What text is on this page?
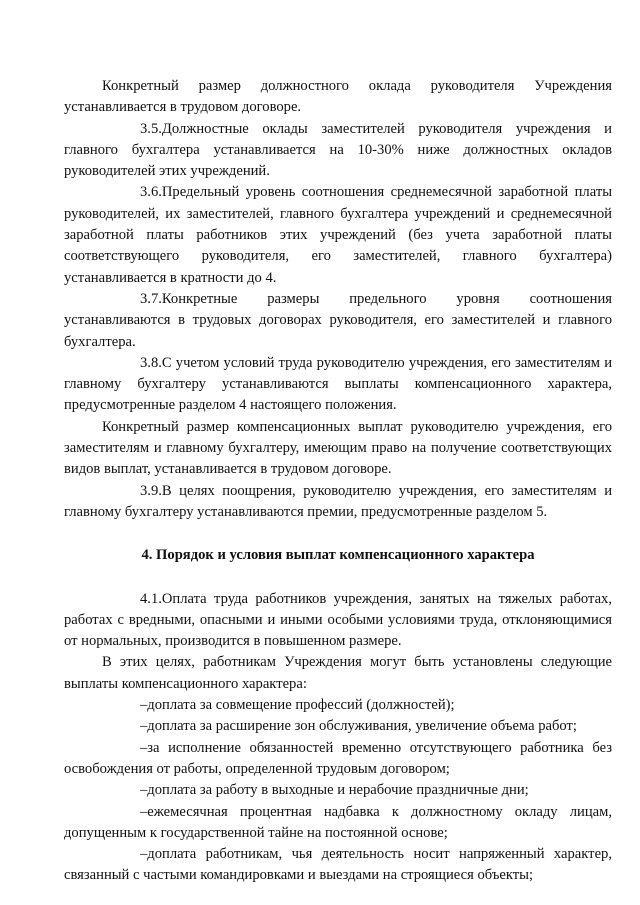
Конкретный размер должностного оклада руководителя Учреждения устанавливается в трудовом договоре.

3.5.Должностные оклады заместителей руководителя учреждения и главного бухгалтера устанавливается на 10-30% ниже должностных окладов руководителей этих учреждений.

3.6.Предельный уровень соотношения среднемесячной заработной платы руководителей, их заместителей, главного бухгалтера учреждений и среднемесячной заработной платы работников этих учреждений (без учета заработной платы соответствующего руководителя, его заместителей, главного бухгалтера) устанавливается в кратности до 4.

3.7.Конкретные размеры предельного уровня соотношения устанавливаются в трудовых договорах руководителя, его заместителей и главного бухгалтера.

3.8.С учетом условий труда руководителю учреждения, его заместителям и главному бухгалтеру устанавливаются выплаты компенсационного характера, предусмотренные разделом 4 настоящего положения.

Конкретный размер компенсационных выплат руководителю учреждения, его заместителям и главному бухгалтеру, имеющим право на получение соответствующих видов выплат, устанавливается в трудовом договоре.

3.9.В целях поощрения, руководителю учреждения, его заместителям и главному бухгалтеру устанавливаются премии, предусмотренные разделом 5.

4. Порядок и условия выплат компенсационного характера

4.1.Оплата труда работников учреждения, занятых на тяжелых работах, работах с вредными, опасными и иными особыми условиями труда, отклоняющимися от нормальных, производится в повышенном размере.

В этих целях, работникам Учреждения могут быть установлены следующие выплаты компенсационного характера:

–доплата за совмещение профессий (должностей);

–доплата за расширение зон обслуживания, увеличение объема работ;

–за исполнение обязанностей временно отсутствующего работника без освобождения от работы, определенной трудовым договором;

–доплата за работу в выходные и нерабочие праздничные дни;

–ежемесячная процентная надбавка к должностному окладу лицам, допущенным к государственной тайне на постоянной основе;

–доплата работникам, чья деятельность носит напряженный характер, связанный с частыми командировками и выездами на строящиеся объекты;
